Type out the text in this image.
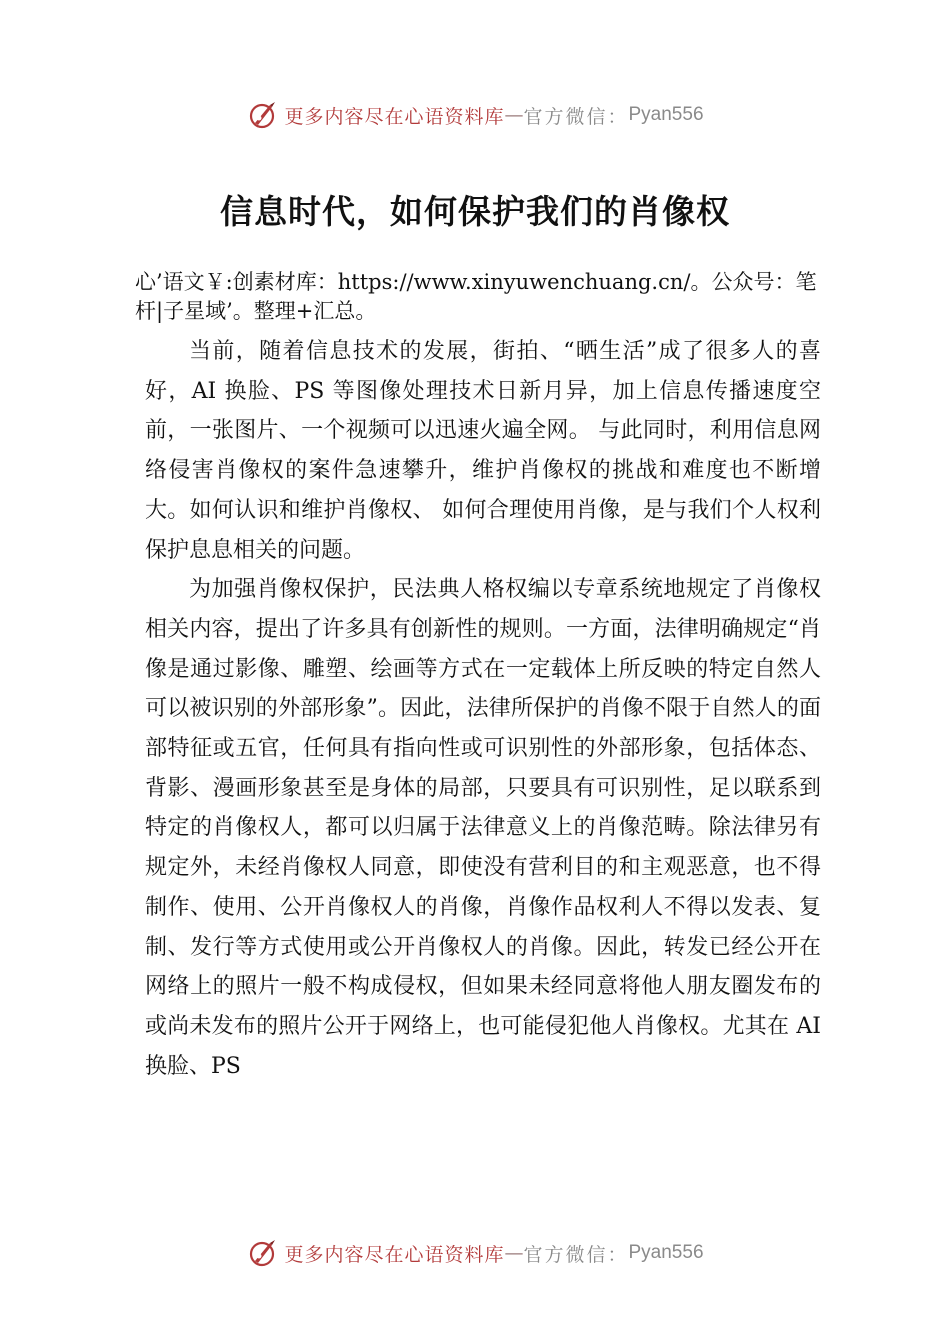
更多内容尽在心语资料库 — 官方微信： Pyan556
信息时代，如何保护我们的肖像权
心’语文￥:创素材库：https://www.xinyuwenchuang.cn/。公众号：笔杆|子星域’。整理+汇总。

当前，随着信息技术的发展，街拍、“晒生活”成了很多人的喜好，AI 换脸、PS 等图像处理技术日新月异，加上信息传播速度空前，一张图片、一个视频可以迅速火遍全网。 与此同时，利用信息网络侵害肖像权的案件急速攀升，维护肖像权的挑战和难度也不断增大。如何认识和维护肖像权、 如何合理使用肖像，是与我们个人权利保护息息相关的问题。

为加强肖像权保护，民法典人格权编以专章系统地规定了肖像权相关内容，提出了许多具有创新性的规则。一方面，法律明确规定“肖像是通过影像、雕塑、绘画等方式在一定载体上所反映的特定自然人可以被识别的外部形象”。因此，法律所保护的肖像不限于自然人的面部特征或五官，任何具有指向性或可识别性的外部形象，包括体态、背影、漫画形象甚至是身体的局部，只要具有可识别性，足以联系到特定的肖像权人，都可以归属于法律意义上的肖像范畴。除法律另有规定外，未经肖像权人同意，即使没有营利目的和主观恶意，也不得制作、使用、公开肖像权人的肖像，肖像作品权利人不得以发表、复制、发行等方式使用或公开肖像权人的肖像。因此，转发已经公开在网络上的照片一般不构成侵权，但如果未经同意将他人朋友圈发布的或尚未发布的照片公开于网络上，也可能侵犯他人肖像权。尤其在 AI 换脸、PS

更多内容尽在心语资料库 — 官方微信： Pyan556
